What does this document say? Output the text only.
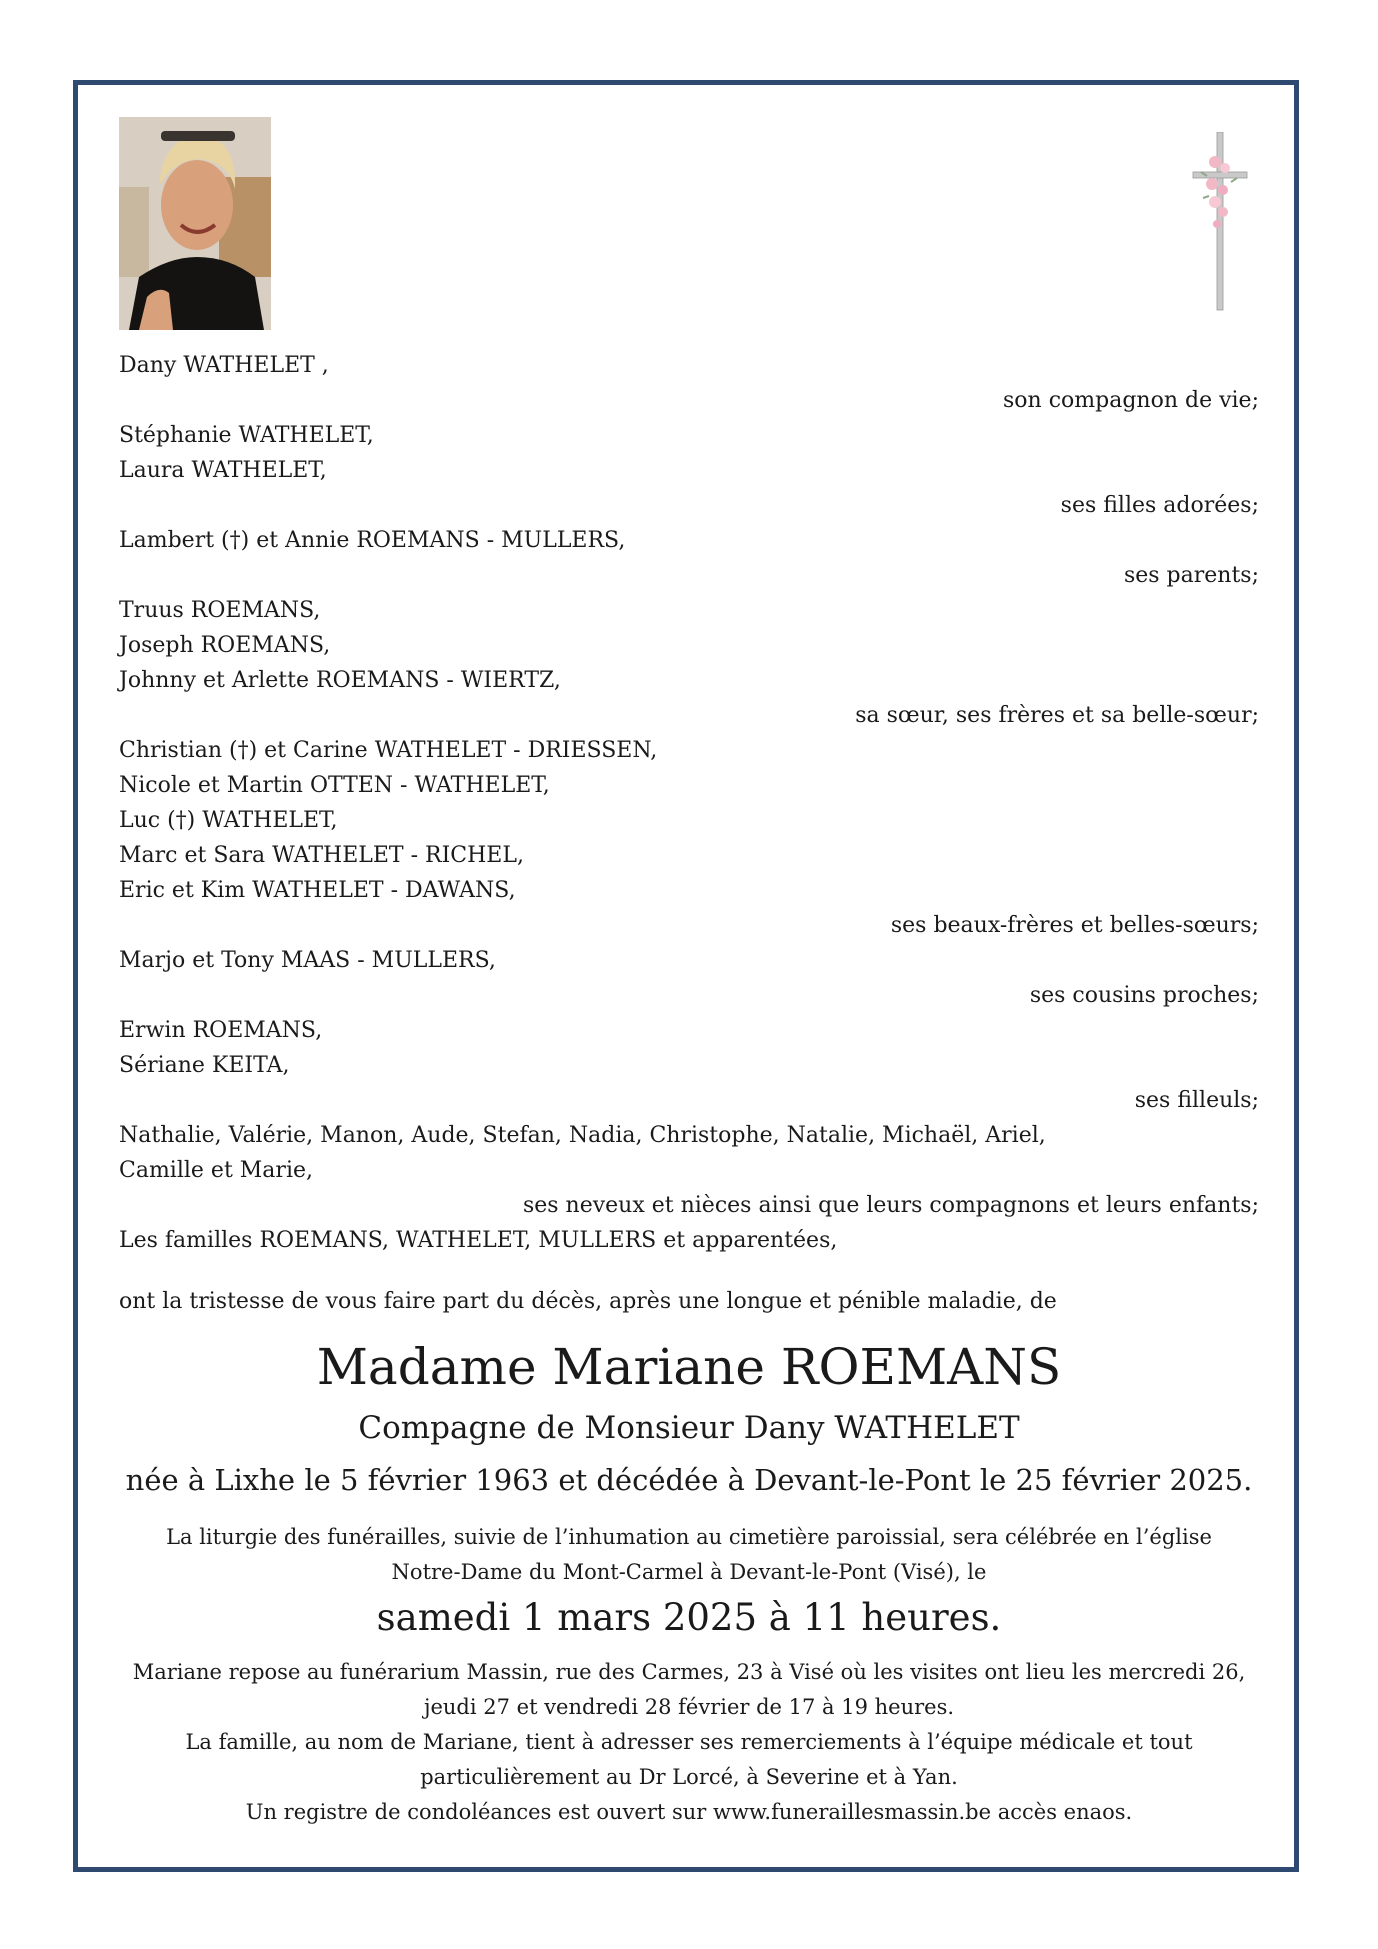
Dany WATHELET ,
son compagnon de vie;
Stéphanie WATHELET,
Laura WATHELET,
ses filles adorées;
Lambert (†) et Annie ROEMANS - MULLERS,
ses parents;
Truus ROEMANS,
Joseph ROEMANS,
Johnny et Arlette ROEMANS - WIERTZ,
sa sœur, ses frères et sa belle-sœur;
Christian (†) et Carine WATHELET - DRIESSEN,
Nicole et Martin OTTEN - WATHELET,
Luc (†) WATHELET,
Marc et Sara WATHELET - RICHEL,
Eric et Kim WATHELET - DAWANS,
ses beaux-frères et belles-sœurs;
Marjo et Tony MAAS - MULLERS,
ses cousins proches;
Erwin ROEMANS,
Sériane KEITA,
ses filleuls;
Nathalie, Valérie, Manon, Aude, Stefan, Nadia, Christophe, Natalie, Michaël, Ariel,
Camille et Marie,
ses neveux et nièces ainsi que leurs compagnons et leurs enfants;
Les familles ROEMANS, WATHELET, MULLERS et apparentées,
ont la tristesse de vous faire part du décès, après une longue et pénible maladie, de
Madame Mariane ROEMANS
Compagne de Monsieur Dany WATHELET
née à Lixhe le 5 février 1963 et décédée à Devant-le-Pont le 25 février 2025.
La liturgie des funérailles, suivie de l’inhumation au cimetière paroissial, sera célébrée en l’église Notre-Dame du Mont-Carmel à Devant-le-Pont (Visé), le
samedi 1 mars 2025 à 11 heures.

Mariane repose au funérarium Massin, rue des Carmes, 23 à Visé où les visites ont lieu les mercredi 26, jeudi 27 et vendredi 28 février de 17 à 19 heures.

La famille, au nom de Mariane, tient à adresser ses remerciements à l’équipe médicale et tout particulièrement au Dr Lorcé, à Severine et à Yan.

Un registre de condoléances est ouvert sur www.funeraillesmassin.be accès enaos.
